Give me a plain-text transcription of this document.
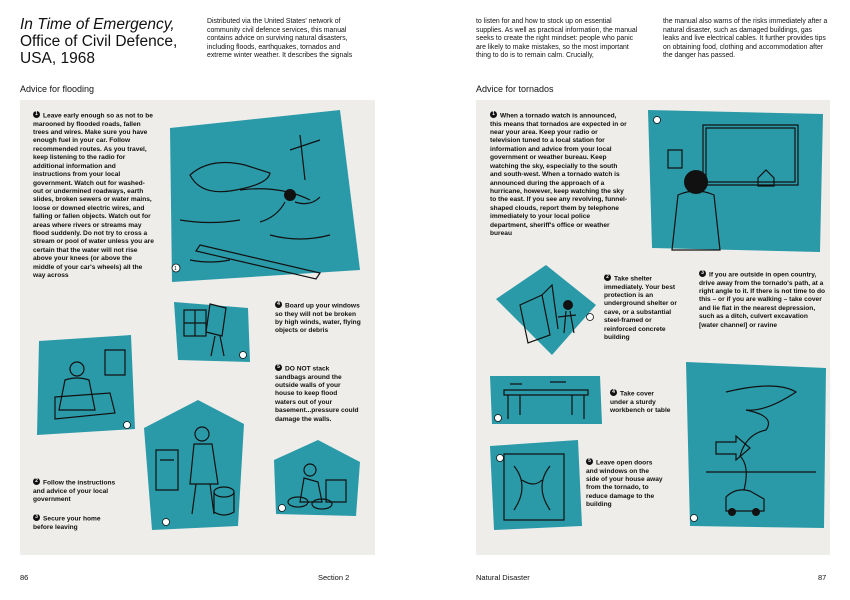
In Time of Emergency,
Office of Civil Defence, USA, 1968
Distributed via the United States' network of community civil defence services, this manual contains advice on surviving natural disasters, including floods, earthquakes, tornados and extreme winter weather. It describes the signals
Advice for flooding
1 Leave early enough so as not to be marooned by flooded roads, fallen trees and wires. Make sure you have enough fuel in your car. Follow recommended routes. As you travel, keep listening to the radio for additional information and instructions from your local government. Watch out for washed-out or undermined roadways, earth slides, broken sewers or water mains, loose or downed electric wires, and falling or fallen objects. Watch out for areas where rivers or streams may flood suddenly. Do not try to cross a stream or pool of water unless you are certain that the water will not rise above your knees (or above the middle of your car's wheels) all the way across
4 Board up your windows so they will not be broken by high winds, water, flying objects or debris
5 DO NOT stack sandbags around the outside walls of your house to keep flood waters out of your basement...pressure could damage the walls.
2 Follow the instructions and advice of your local government
3 Secure your home before leaving
1
86	Section 2
to listen for and how to stock up on essential supplies. As well as practical information, the manual seeks to create the right mindset: people who panic are likely to make mistakes, so the most important thing to do is to remain calm. Crucially,
the manual also warns of the risks immediately after a natural disaster, such as damaged buildings, gas leaks and live electrical cables. It further provides tips on obtaining food, clothing and accommodation after the danger has passed.
Advice for tornados
1 When a tornado watch is announced, this means that tornados are expected in or near your area. Keep your radio or television tuned to a local station for information and advice from your local government or weather bureau. Keep watching the sky, especially to the south and south-west. When a tornado watch is announced during the approach of a hurricane, however, keep watching the sky to the east. If you see any revolving, funnel-shaped clouds, report them by telephone immediately to your local police department, sheriff's office or weather bureau
2 Take shelter immediately. Your best protection is an underground shelter or cave, or a substantial steel-framed or reinforced concrete building
3 If you are outside in open country, drive away from the tornado's path, at a right angle to it. If there is not time to do this – or if you are walking – take cover and lie flat in the nearest depression, such as a ditch, culvert excavation [water channel] or ravine
4 Take cover under a sturdy workbench or table
5 Leave open doors and windows on the side of your house away from the tornado, to reduce damage to the building
Natural Disaster	87
